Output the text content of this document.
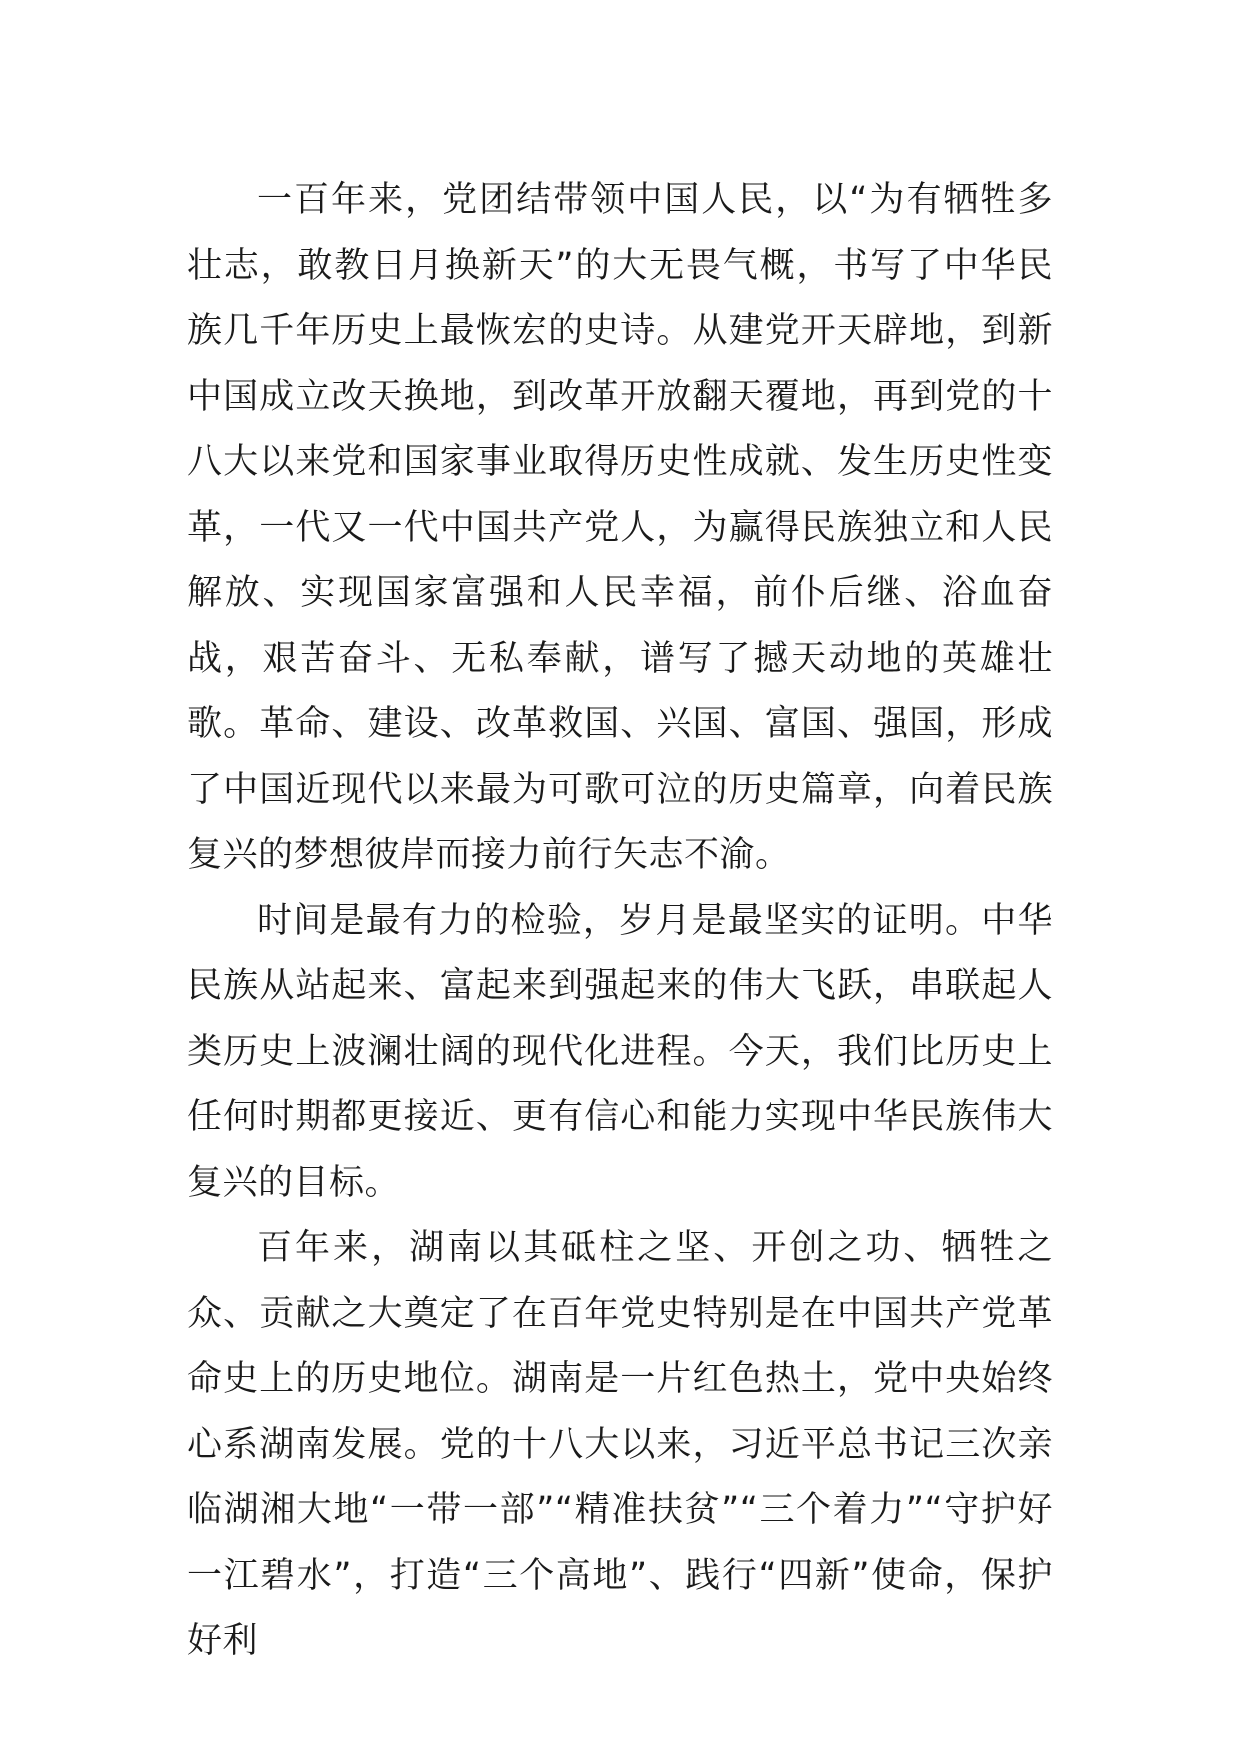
一百年来，党团结带领中国人民，以“为有牺牲多壮志，敢教日月换新天”的大无畏气概，书写了中华民族几千年历史上最恢宏的史诗。从建党开天辟地，到新中国成立改天换地，到改革开放翻天覆地，再到党的十八大以来党和国家事业取得历史性成就、发生历史性变革，一代又一代中国共产党人，为赢得民族独立和人民解放、实现国家富强和人民幸福，前仆后继、浴血奋战，艰苦奋斗、无私奉献，谱写了撼天动地的英雄壮歌。革命、建设、改革救国、兴国、富国、强国，形成了中国近现代以来最为可歌可泣的历史篇章，向着民族复兴的梦想彼岸而接力前行矢志不渝。

时间是最有力的检验，岁月是最坚实的证明。中华民族从站起来、富起来到强起来的伟大飞跃，串联起人类历史上波澜壮阔的现代化进程。今天，我们比历史上任何时期都更接近、更有信心和能力实现中华民族伟大复兴的目标。

百年来，湖南以其砥柱之坚、开创之功、牺牲之众、贡献之大奠定了在百年党史特别是在中国共产党革命史上的历史地位。湖南是一片红色热土，党中央始终心系湖南发展。党的十八大以来，习近平总书记三次亲临湖湘大地“一带一部”“精准扶贫”“三个着力”“守护好一江碧水”，打造“三个高地”、践行“四新”使命，保护好利
